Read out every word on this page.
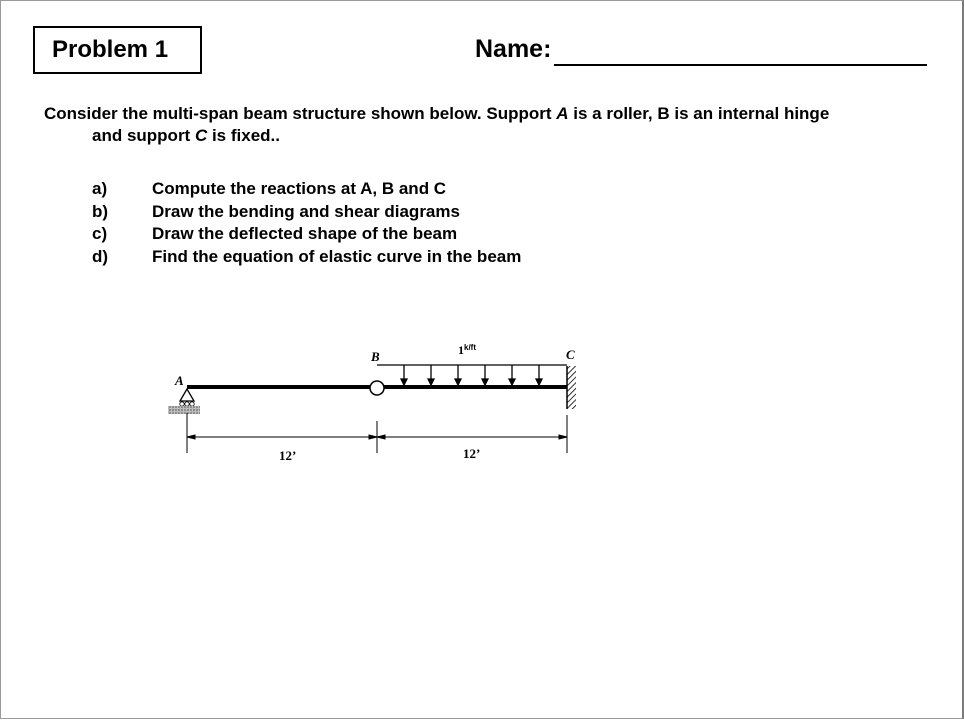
Problem 1	Name:
Consider the multi-span beam structure shown below. Support A is a roller, B is an internal hinge
and support C is fixed..
a)	Compute the reactions at A, B and C
b)	Draw the bending and shear diagrams
c)	Draw the deflected shape of the beam
d)	Find the equation of elastic curve in the beam
A
B	C
$1^{k/ft}$
12’	12’
